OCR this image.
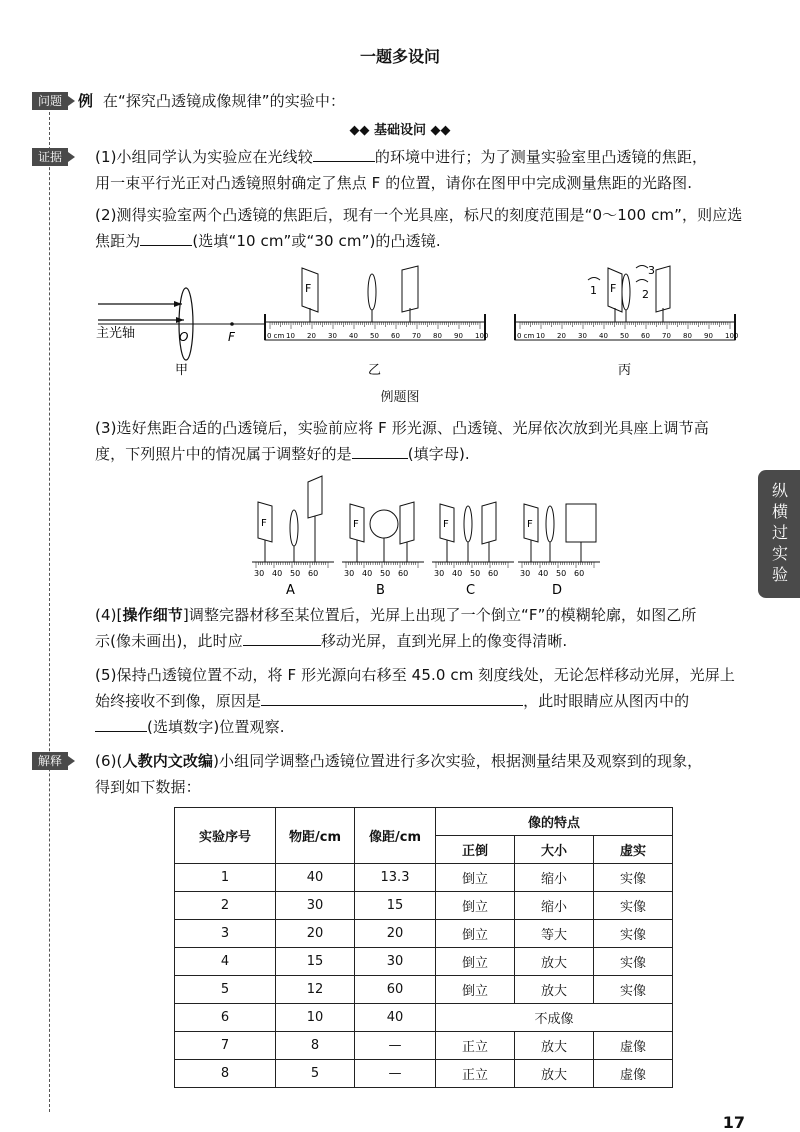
一题多设问
问题	例 在“探究凸透镜成像规律”的实验中：
◆◆ 基础设问 ◆◆
证据	(1)小组同学认为实验应在光线较	的环境中进行；为了测量实验室里凸透镜的焦距，
用一束平行光正对凸透镜照射确定了焦点 F 的位置，请你在图甲中完成测量焦距的光路图.
(2)测得实验室两个凸透镜的焦距后，现有一个光具座，标尺的刻度范围是“0～100 cm”，则应选
焦距为	(选填“10 cm”或“30 cm”)的凸透镜.
主光轴	O	F
甲
0 cm 10 20 30 40 50 60 70 80 90 100
F
乙
0 cm 10 20 30 40 50 60 70 80 90 100
F
1	2
3
丙
例题图
(3)选好焦距合适的凸透镜后，实验前应将 F 形光源、凸透镜、光屏依次放到光具座上调节高
度，下列照片中的情况属于调整好的是	(填字母).
F
30 40 50 60
F
30 40 50 60
F
30 40 50 60
F
30 40 50 60
A	B	C	D
(4)[操作细节]调整完器材移至某位置后，光屏上出现了一个倒立“F”的模糊轮廓，如图乙所
示(像未画出)，此时应	移动光屏，直到光屏上的像变得清晰.
(5)保持凸透镜位置不动，将 F 形光源向右移至 45.0 cm 刻度线处，无论怎样移动光屏，光屏上
始终接收不到像，原因是	，此时眼睛应从图丙中的
(选填数字)位置观察.
解释	(6)(人教内文改编)小组同学调整凸透镜位置进行多次实验，根据测量结果及观察到的现象，
得到如下数据：
实验序号	物距/cm	像距/cm	像的特点		
			正倒	大小	虚实
1	40	13.3	倒立	缩小	实像
2	30	15	倒立	缩小	实像
3	20	20	倒立	等大	实像
4	15	30	倒立	放大	实像
5	12	60	倒立	放大	实像
6	10	40	不成像		
7	8	—	正立	放大	虚像
8	5	—	正立	放大	虚像
纵横过实验
17
